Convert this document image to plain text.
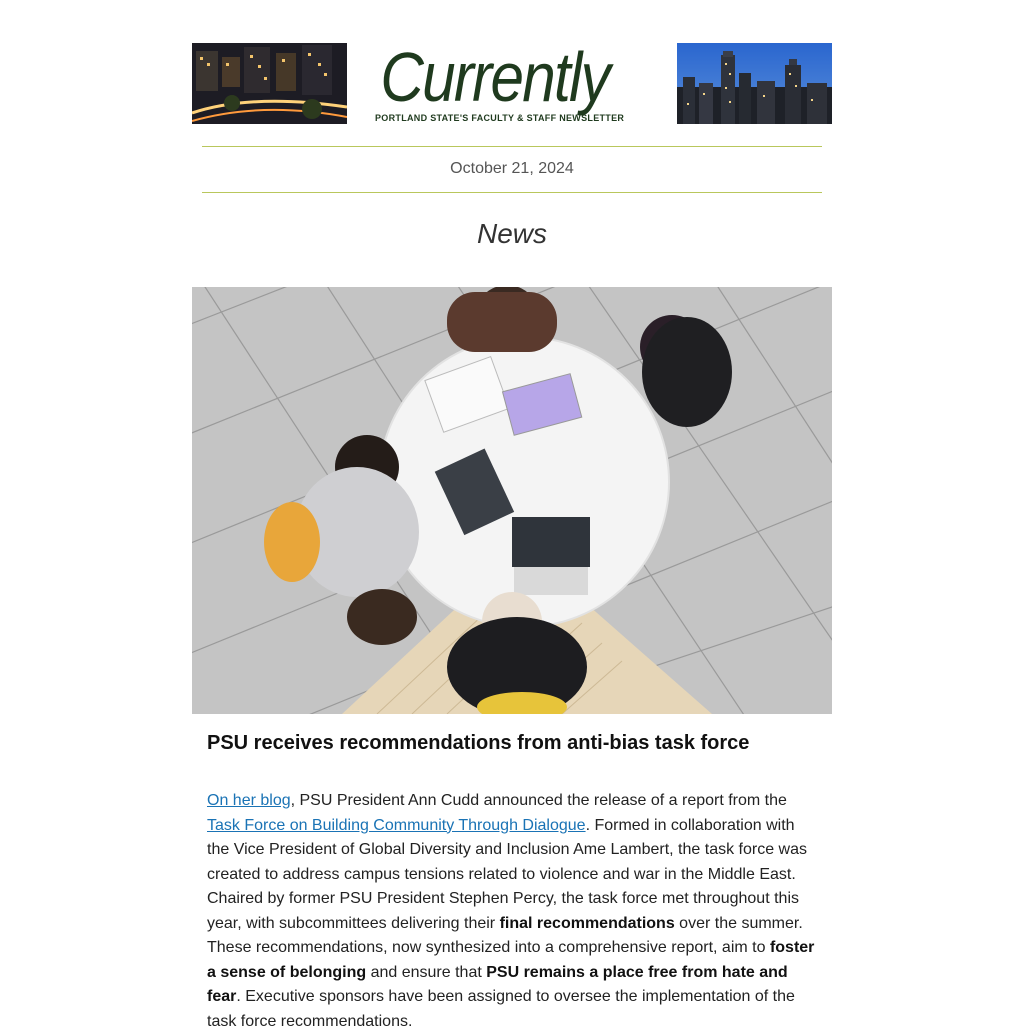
Currently
PORTLAND STATE'S FACULTY & STAFF NEWSLETTER
October 21, 2024
News
PSU receives recommendations from anti-bias task force
On her blog, PSU President Ann Cudd announced the release of a report from the Task Force on Building Community Through Dialogue. Formed in collaboration with the Vice President of Global Diversity and Inclusion Ame Lambert, the task force was created to address campus tensions related to violence and war in the Middle East. Chaired by former PSU President Stephen Percy, the task force met throughout this year, with subcommittees delivering their final recommendations over the summer. These recommendations, now synthesized into a comprehensive report, aim to foster a sense of belonging and ensure that PSU remains a place free from hate and fear. Executive sponsors have been assigned to oversee the implementation of the task force recommendations.
